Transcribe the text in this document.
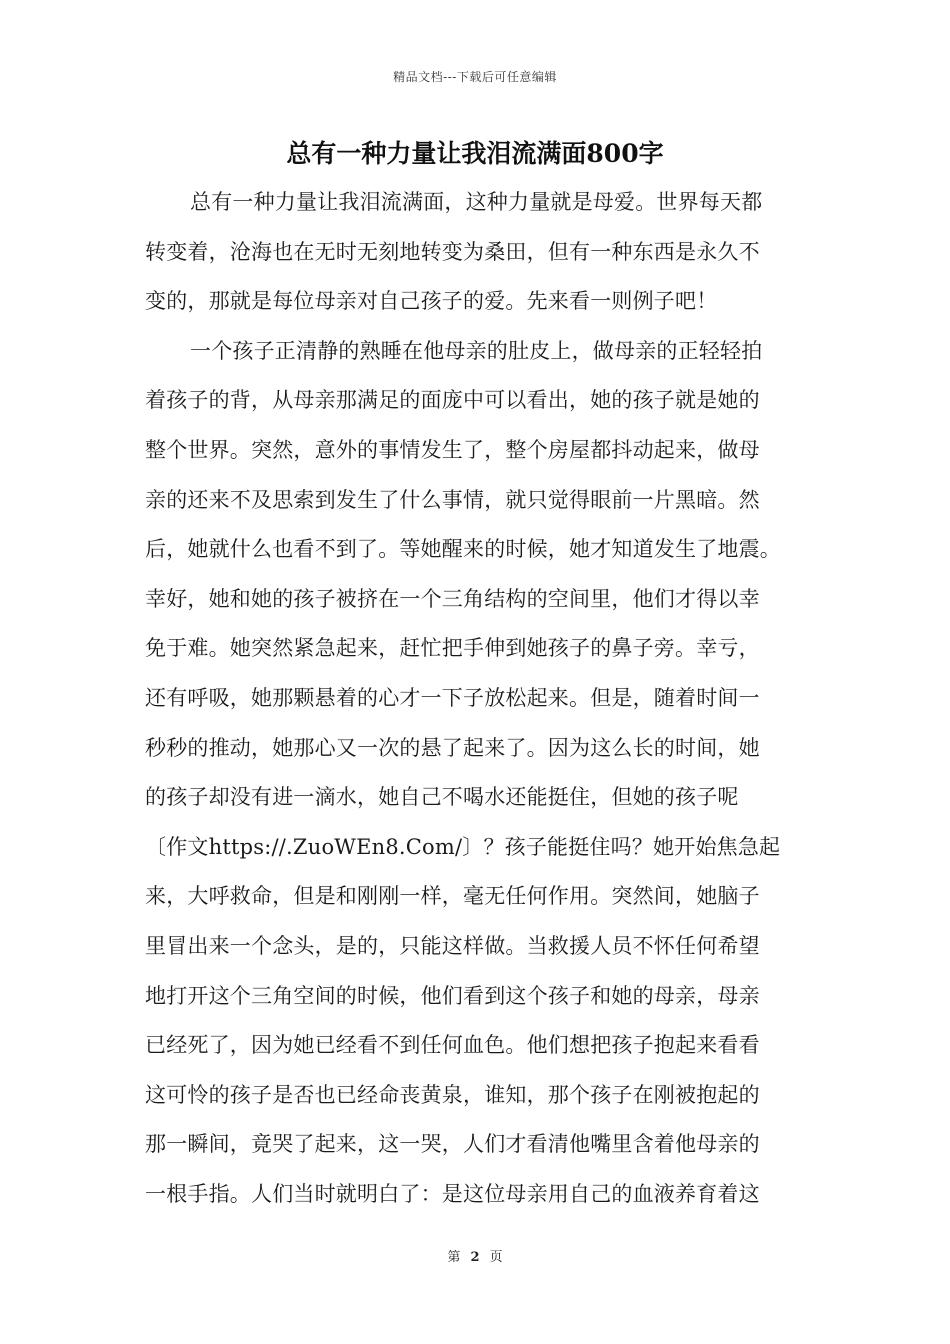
精品文档---下载后可任意编辑
总有一种力量让我泪流满面800字
总有一种力量让我泪流满面，这种力量就是母爱。世界每天都
转变着，沧海也在无时无刻地转变为桑田，但有一种东西是永久不
变的，那就是每位母亲对自己孩子的爱。先来看一则例子吧！
一个孩子正清静的熟睡在他母亲的肚皮上，做母亲的正轻轻拍
着孩子的背，从母亲那满足的面庞中可以看出，她的孩子就是她的
整个世界。突然，意外的事情发生了，整个房屋都抖动起来，做母
亲的还来不及思索到发生了什么事情，就只觉得眼前一片黑暗。然
后，她就什么也看不到了。等她醒来的时候，她才知道发生了地震。
幸好，她和她的孩子被挤在一个三角结构的空间里，他们才得以幸
免于难。她突然紧急起来，赶忙把手伸到她孩子的鼻子旁。幸亏，
还有呼吸，她那颗悬着的心才一下子放松起来。但是，随着时间一
秒秒的推动，她那心又一次的悬了起来了。因为这么长的时间，她
的孩子却没有进一滴水，她自己不喝水还能挺住，但她的孩子呢
〔作文https://.ZuoWEn8.Com/〕？孩子能挺住吗？她开始焦急起
来，大呼救命，但是和刚刚一样，毫无任何作用。突然间，她脑子
里冒出来一个念头，是的，只能这样做。当救援人员不怀任何希望
地打开这个三角空间的时候，他们看到这个孩子和她的母亲，母亲
已经死了，因为她已经看不到任何血色。他们想把孩子抱起来看看
这可怜的孩子是否也已经命丧黄泉，谁知，那个孩子在刚被抱起的
那一瞬间，竟哭了起来，这一哭，人们才看清他嘴里含着他母亲的
一根手指。人们当时就明白了：是这位母亲用自己的血液养育着这
第 2 页
